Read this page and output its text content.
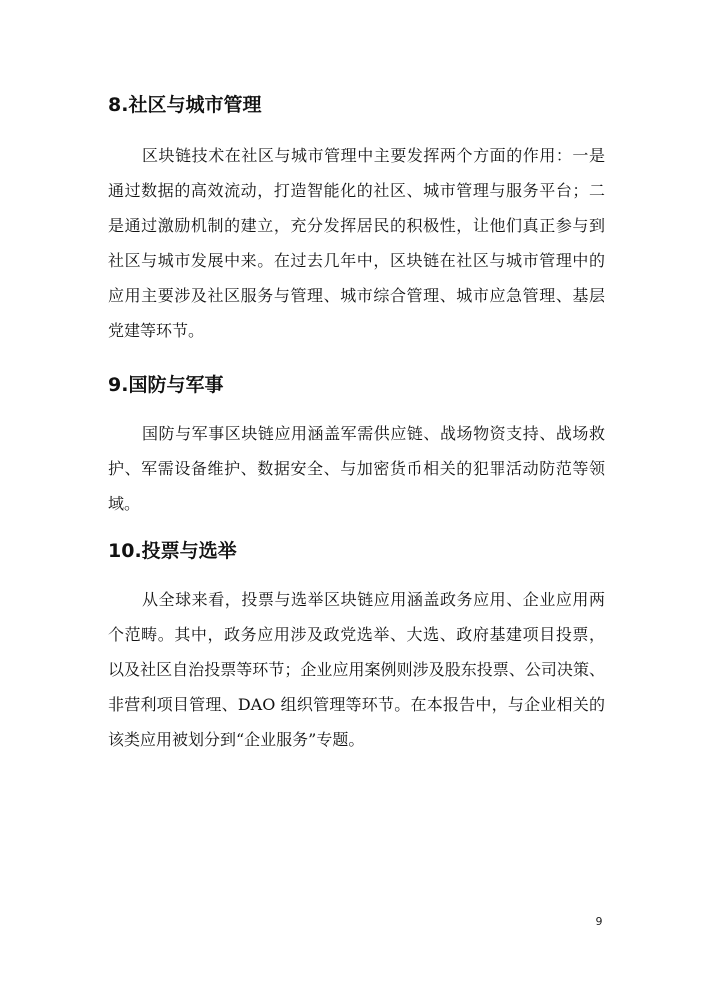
8.社区与城市管理
区块链技术在社区与城市管理中主要发挥两个方面的作用：一是
通过数据的高效流动，打造智能化的社区、城市管理与服务平台；二
是通过激励机制的建立，充分发挥居民的积极性，让他们真正参与到
社区与城市发展中来。在过去几年中，区块链在社区与城市管理中的
应用主要涉及社区服务与管理、城市综合管理、城市应急管理、基层
党建等环节。
9.国防与军事
国防与军事区块链应用涵盖军需供应链、战场物资支持、战场救
护、军需设备维护、数据安全、与加密货币相关的犯罪活动防范等领
域。
10.投票与选举
从全球来看，投票与选举区块链应用涵盖政务应用、企业应用两
个范畴。其中，政务应用涉及政党选举、大选、政府基建项目投票，
以及社区自治投票等环节；企业应用案例则涉及股东投票、公司决策、
非营利项目管理、DAO 组织管理等环节。在本报告中，与企业相关的
该类应用被划分到“企业服务”专题。
9
